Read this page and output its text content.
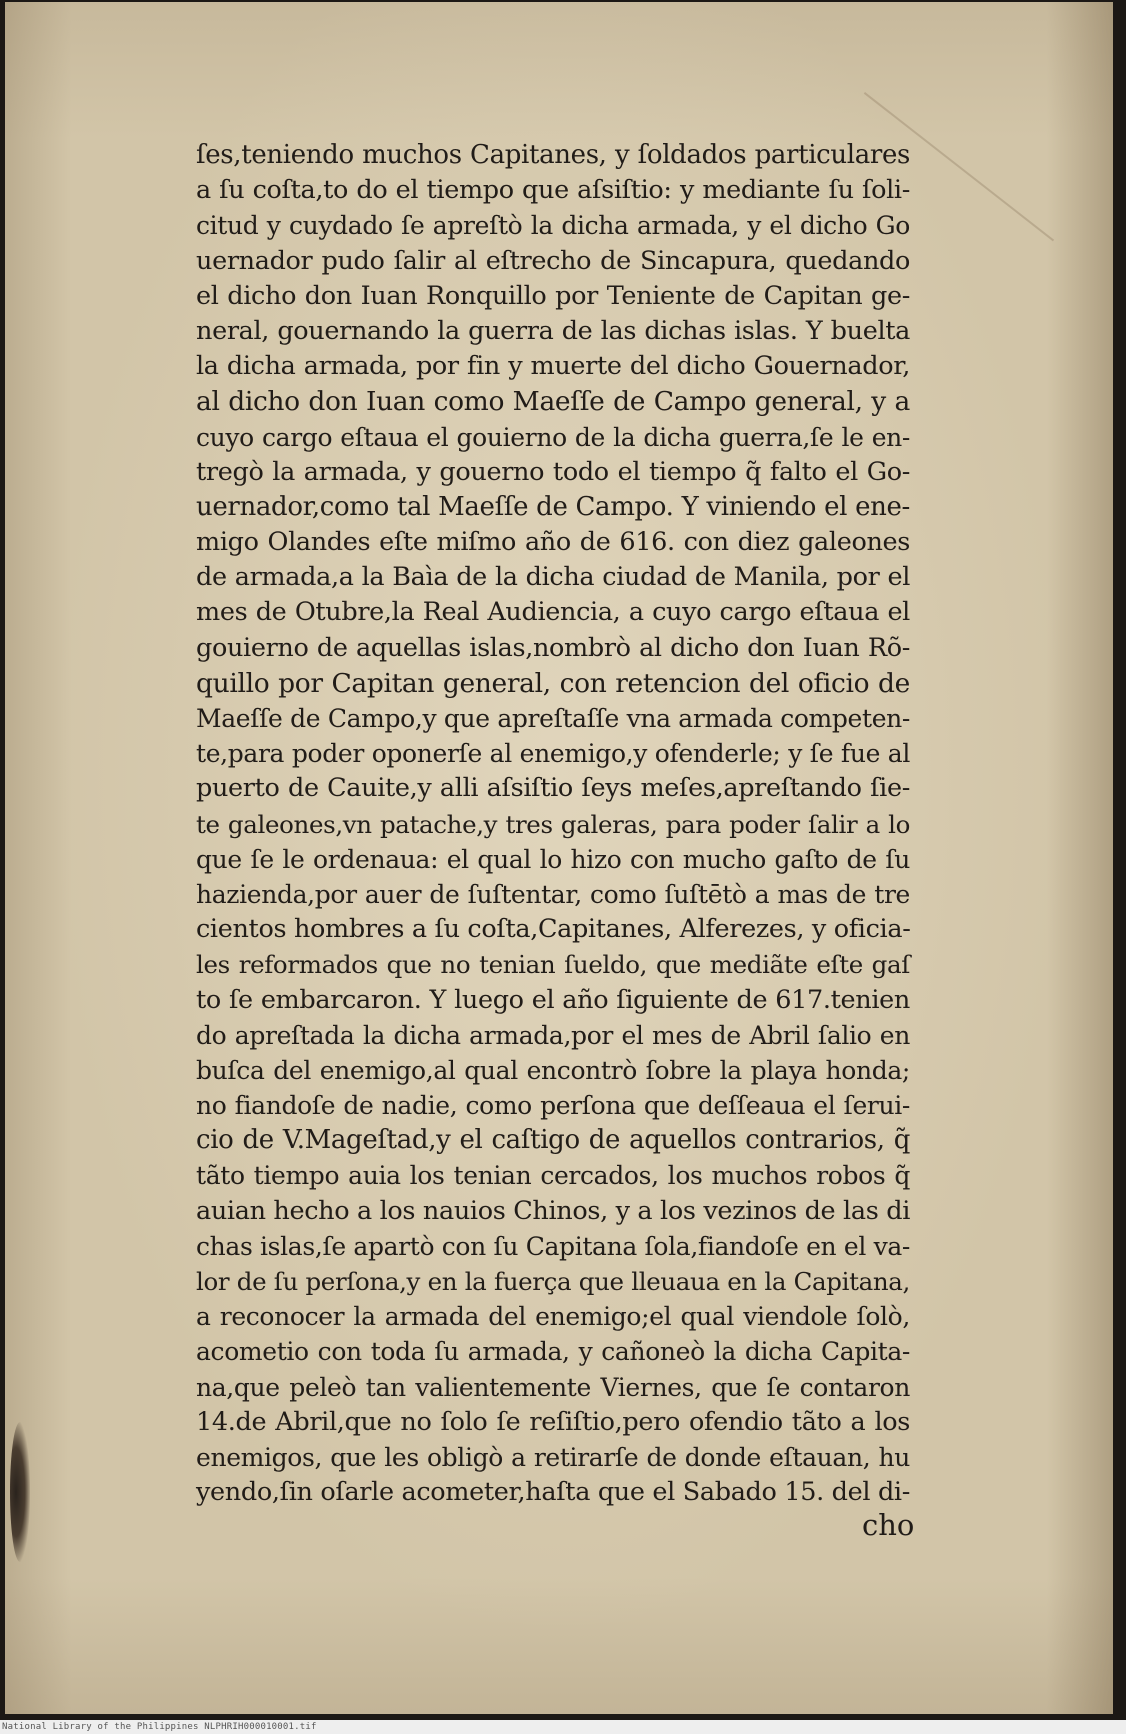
ſes,teniendo muchos Capitanes, y ſoldados particulares
a ſu coſta,to do el tiempo que aſsiſtio: y mediante ſu ſoli-
citud y cuydado ſe apreſtò la dicha armada, y el dicho Go
uernador pudo ſalir al eſtrecho de Sincapura, quedando
el dicho don Iuan Ronquillo por Teniente de Capitan ge-
neral, gouernando la guerra de las dichas islas. Y buelta
la dicha armada, por fin y muerte del dicho Gouernador,
al dicho don Iuan como Maeſſe de Campo general, y a
cuyo cargo eſtaua el gouierno de la dicha guerra,ſe le en-
tregò la armada, y gouerno todo el tiempo q̃ falto el Go-
uernador,como tal Maeſſe de Campo. Y viniendo el ene-
migo Olandes eſte miſmo año de 616. con diez galeones
de armada,a la Baìa de la dicha ciudad de Manila, por el
mes de Otubre,la Real Audiencia, a cuyo cargo eſtaua el
gouierno de aquellas islas,nombrò al dicho don Iuan Rõ-
quillo por Capitan general, con retencion del oficio de
Maeſſe de Campo,y que apreſtaſſe vna armada competen-
te,para poder oponerſe al enemigo,y ofenderle; y ſe fue al
puerto de Cauite,y alli aſsiſtio ſeys meſes,apreſtando ſie-
te galeones,vn patache,y tres galeras, para poder ſalir a lo
que ſe le ordenaua: el qual lo hizo con mucho gaſto de ſu
hazienda,por auer de ſuſtentar, como ſuſtētò a mas de tre
cientos hombres a ſu coſta,Capitanes, Alferezes, y oficia-
les reformados que no tenian ſueldo, que mediãte eſte gaſ
to ſe embarcaron. Y luego el año ſiguiente de 617.tenien
do apreſtada la dicha armada,por el mes de Abril ſalio en
buſca del enemigo,al qual encontrò ſobre la playa honda;
no fiandoſe de nadie, como perſona que deſſeaua el ſerui-
cio de V.Mageſtad,y el caſtigo de aquellos contrarios, q̃
tãto tiempo auia los tenian cercados, los muchos robos q̃
auian hecho a los nauios Chinos, y a los vezinos de las di
chas islas,ſe apartò con ſu Capitana ſola,fiandoſe en el va-
lor de ſu perſona,y en la fuerça que lleuaua en la Capitana,
a reconocer la armada del enemigo;el qual viendole ſolò,
acometio con toda ſu armada, y cañoneò la dicha Capita-
na,que peleò tan valientemente Viernes, que ſe contaron
14.de Abril,que no ſolo ſe reſiſtio,pero ofendio tãto a los
enemigos, que les obligò a retirarſe de donde eſtauan, hu
yendo,ſin oſarle acometer,haſta que el Sabado 15. del di-
cho
National Library of the Philippines NLPHRIH000010001.tif
